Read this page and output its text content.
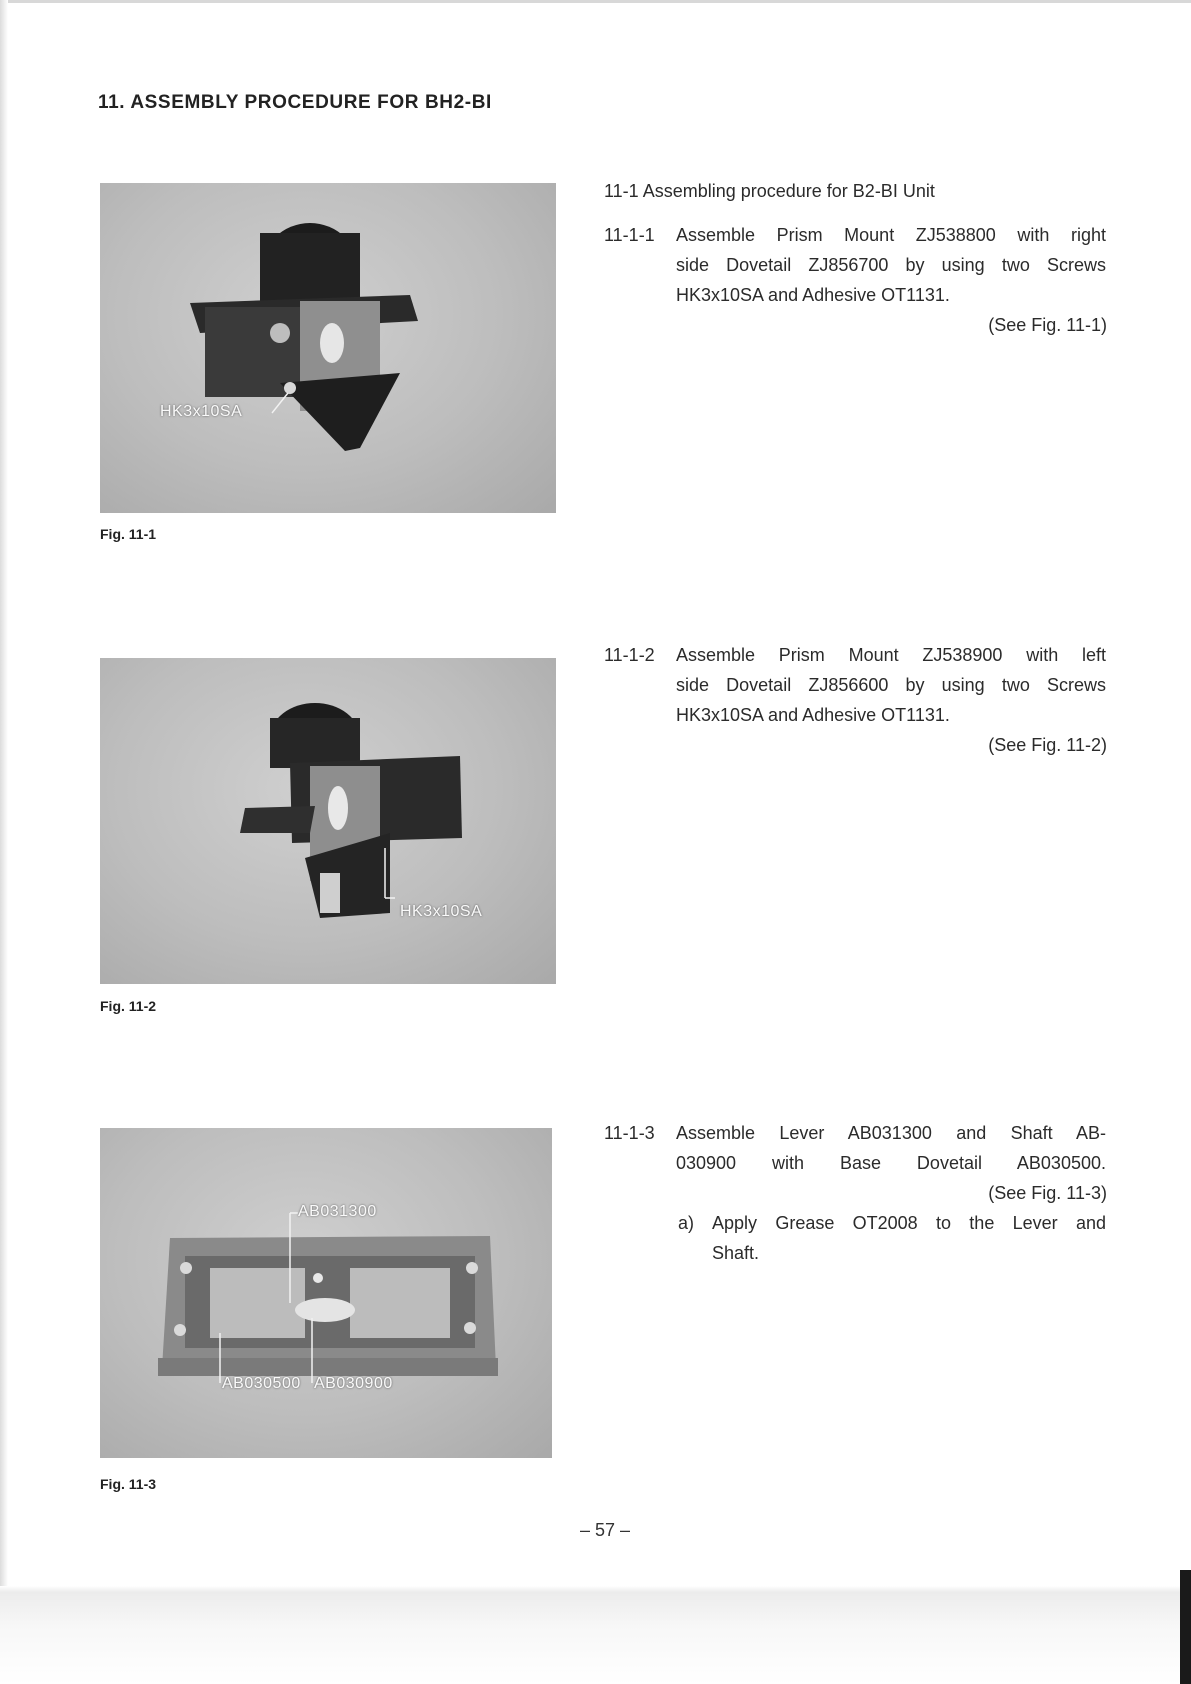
11. ASSEMBLY PROCEDURE FOR BH2-BI
HK3x10SA
Fig. 11-1
HK3x10SA
Fig. 11-2
AB031300
AB030500 AB030900
Fig. 11-3
11-1 Assembling procedure for B2-BI Unit
11-1-1 Assemble Prism Mount ZJ538800 with right
side Dovetail ZJ856700 by using two Screws
HK3x10SA and Adhesive OT1131.
(See Fig. 11-1)
11-1-2 Assemble Prism Mount ZJ538900 with left
side Dovetail ZJ856600 by using two Screws
HK3x10SA and Adhesive OT1131.
(See Fig. 11-2)
11-1-3 Assemble Lever AB031300 and Shaft AB-
030900 with Base Dovetail AB030500.
(See Fig. 11-3)
a) Apply Grease OT2008 to the Lever and
Shaft.
– 57 –
